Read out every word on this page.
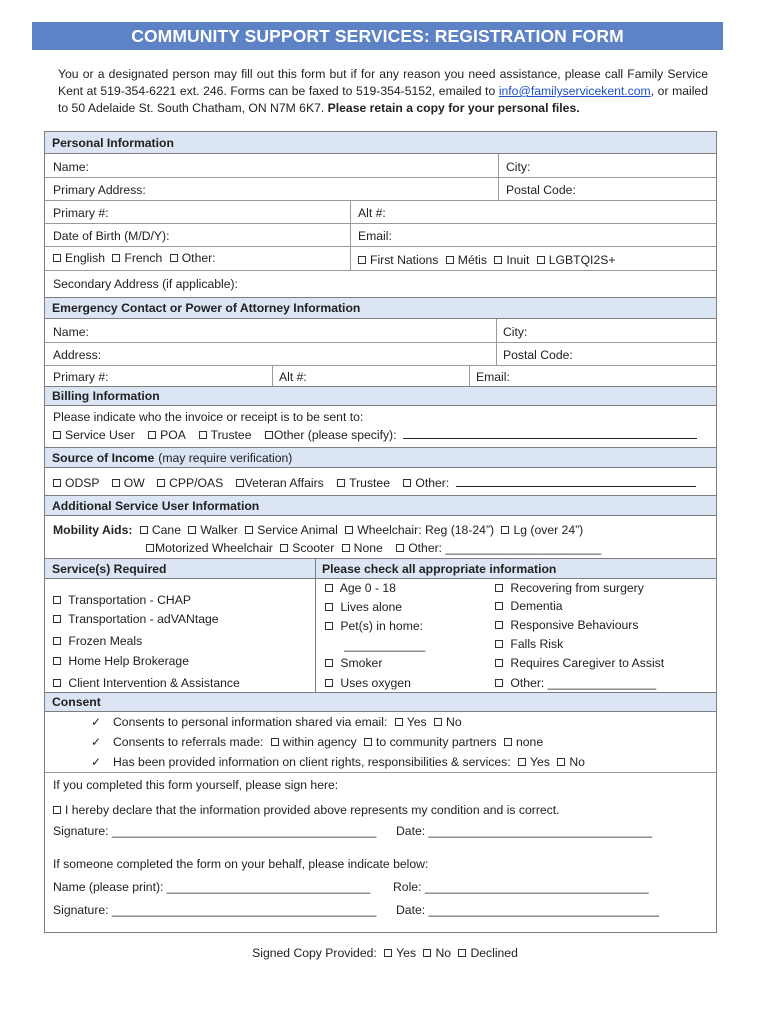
COMMUNITY SUPPORT SERVICES: REGISTRATION FORM
You or a designated person may fill out this form but if for any reason you need assistance, please call Family Service Kent at 519-354-6221 ext. 246. Forms can be faxed to 519-354-5152, emailed to info@familyservicekent.com, or mailed to 50 Adelaide St. South Chatham, ON N7M 6K7. Please retain a copy for your personal files.
Personal Information
Name:	City:
Primary Address:	Postal Code:
Primary #:	Alt #:
Date of Birth (M/D/Y):	Email:
English French Other:	First Nations Métis Inuit LGBTQI2S+
Secondary Address (if applicable):
Emergency Contact or Power of Attorney Information
Name:	City:
Address:	Postal Code:
Primary #:	Alt #:	Email:
Billing Information
Please indicate who the invoice or receipt is to be sent to:
Service User POA Trustee Other (please specify):
Source of Income (may require verification)
ODSP OW CPP/OAS Veteran Affairs Trustee Other:
Additional Service User Information
Mobility Aids: Cane Walker Service Animal Wheelchair: Reg (18-24”) Lg (over 24”)
Motorized Wheelchair Scooter None Other: _______________________
Service(s) Required	Please check all appropriate information
Transportation - CHAP
Transportation - adVANtage
Frozen Meals
Home Help Brokerage
Client Intervention & Assistance
Age 0 - 18
Lives alone
Pet(s) in home:
____________
Smoker
Uses oxygen
Recovering from surgery
Dementia
Responsive Behaviours
Falls Risk
Requires Caregiver to Assist
Other: ________________
Consent
✓ Consents to personal information shared via email: Yes No
✓ Consents to referrals made: within agency to community partners none
✓ Has been provided information on client rights, responsibilities & services: Yes No
If you completed this form yourself, please sign here:
I hereby declare that the information provided above represents my condition and is correct.
Signature: _______________________________________ Date: _________________________________
If someone completed the form on your behalf, please indicate below:
Name (please print): ______________________________ Role: _________________________________
Signature: _______________________________________ Date: __________________________________
Signed Copy Provided: Yes No Declined
